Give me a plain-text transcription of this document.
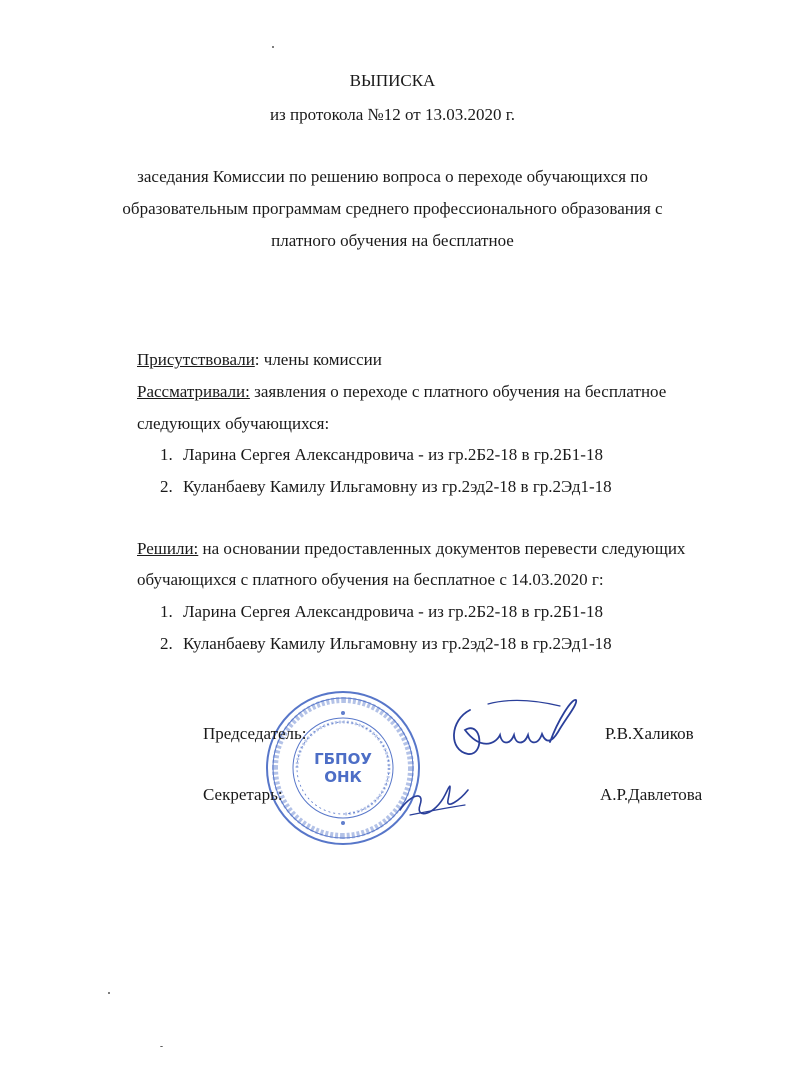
ВЫПИСКА
из протокола №12 от 13.03.2020 г.
заседания Комиссии по решению вопроса о переходе обучающихся по
образовательным программам среднего профессионального образования с
платного обучения на бесплатное
Присутствовали: члены комиссии
Рассматривали: заявления о переходе с платного обучения на бесплатное
следующих обучающихся:
1. Ларина Сергея Александровича - из гр.2Б2-18 в гр.2Б1-18
2. Куланбаеву Камилу Ильгамовну из гр.2эд2-18 в гр.2Эд1-18
Решили: на основании предоставленных документов перевести следующих
обучающихся с платного обучения на бесплатное с 14.03.2020 г:
1. Ларина Сергея Александровича - из гр.2Б2-18 в гр.2Б1-18
2. Куланбаеву Камилу Ильгамовну из гр.2эд2-18 в гр.2Эд1-18
ГБПОУ
ОНК
Председатель:	Р.В.Халиков
Секретарь:	А.Р.Давлетова
